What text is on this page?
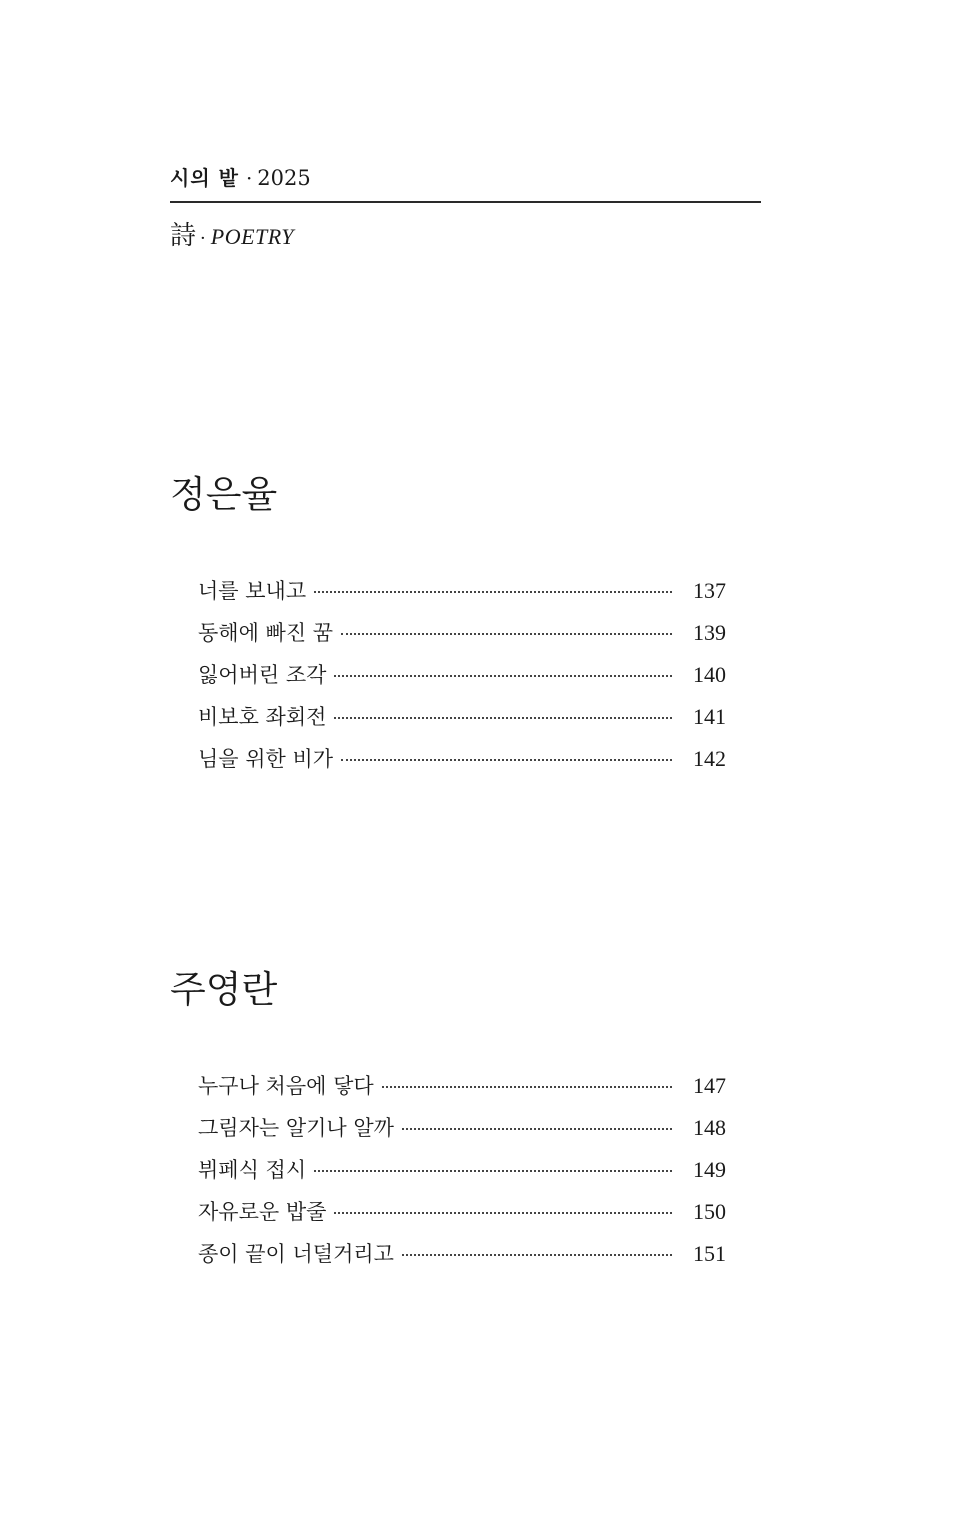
시의 밭 · 2025
詩 · POETRY
정은율
너를 보내고	137
동해에 빠진 꿈	139
잃어버린 조각	140
비보호 좌회전	141
님을 위한 비가	142
주영란
누구나 처음에 닿다	147
그림자는 알기나 알까	148
뷔페식 접시	149
자유로운 밥줄	150
종이 끝이 너덜거리고	151
